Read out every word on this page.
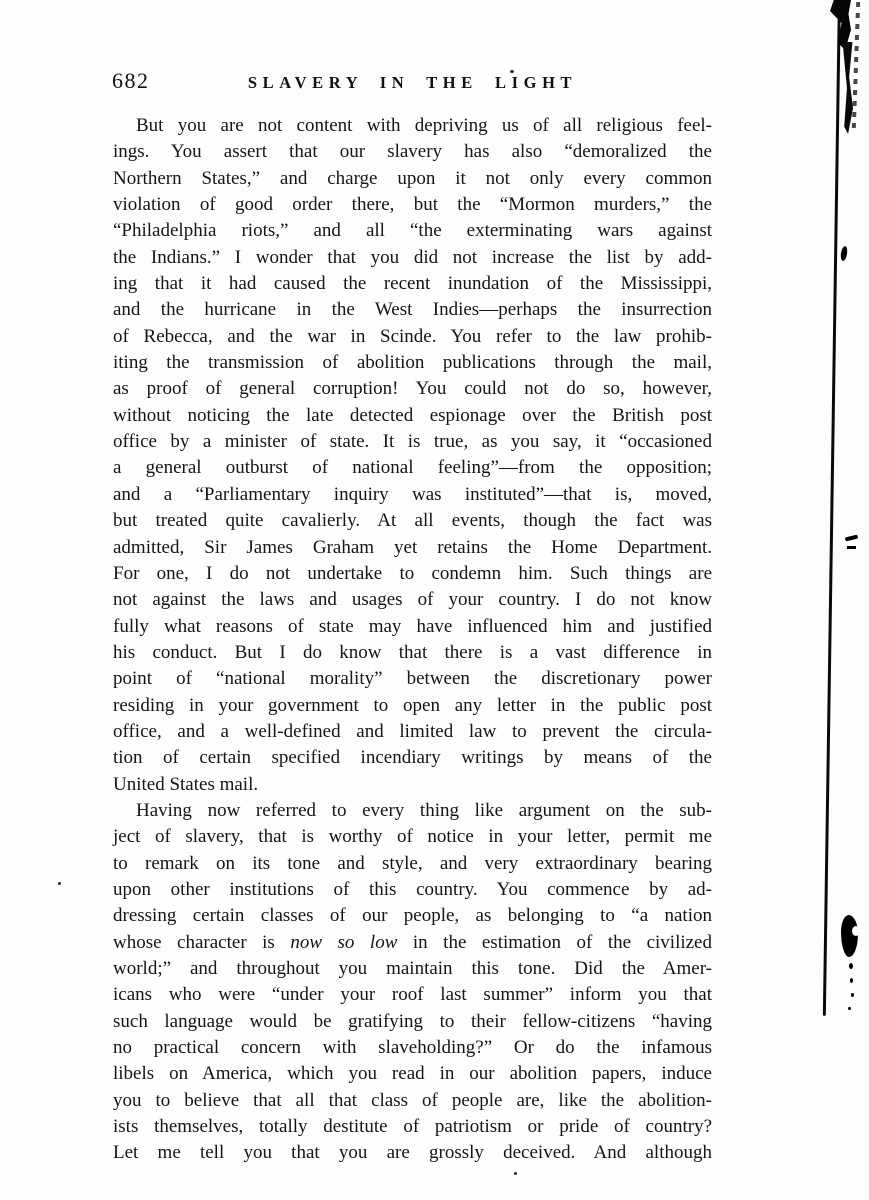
682	SLAVERY IN THE LIGHT
But you are not content with depriving us of all religious feel-
ings. You assert that our slavery has also “demoralized the
Northern States,” and charge upon it not only every common
violation of good order there, but the “Mormon murders,” the
“Philadelphia riots,” and all “the exterminating wars against
the Indians.” I wonder that you did not increase the list by add-
ing that it had caused the recent inundation of the Mississippi,
and the hurricane in the West Indies—perhaps the insurrection
of Rebecca, and the war in Scinde. You refer to the law prohib-
iting the transmission of abolition publications through the mail,
as proof of general corruption! You could not do so, however,
without noticing the late detected espionage over the British post
office by a minister of state. It is true, as you say, it “occasioned
a general outburst of national feeling”—from the opposition;
and a “Parliamentary inquiry was instituted”—that is, moved,
but treated quite cavalierly. At all events, though the fact was
admitted, Sir James Graham yet retains the Home Department.
For one, I do not undertake to condemn him. Such things are
not against the laws and usages of your country. I do not know
fully what reasons of state may have influenced him and justified
his conduct. But I do know that there is a vast difference in
point of “national morality” between the discretionary power
residing in your government to open any letter in the public post
office, and a well-defined and limited law to prevent the circula-
tion of certain specified incendiary writings by means of the
United States mail.
Having now referred to every thing like argument on the sub-
ject of slavery, that is worthy of notice in your letter, permit me
to remark on its tone and style, and very extraordinary bearing
upon other institutions of this country. You commence by ad-
dressing certain classes of our people, as belonging to “a nation
whose character is now so low in the estimation of the civilized
world;” and throughout you maintain this tone. Did the Amer-
icans who were “under your roof last summer” inform you that
such language would be gratifying to their fellow-citizens “having
no practical concern with slaveholding?” Or do the infamous
libels on America, which you read in our abolition papers, induce
you to believe that all that class of people are, like the abolition-
ists themselves, totally destitute of patriotism or pride of country?
Let me tell you that you are grossly deceived. And although
